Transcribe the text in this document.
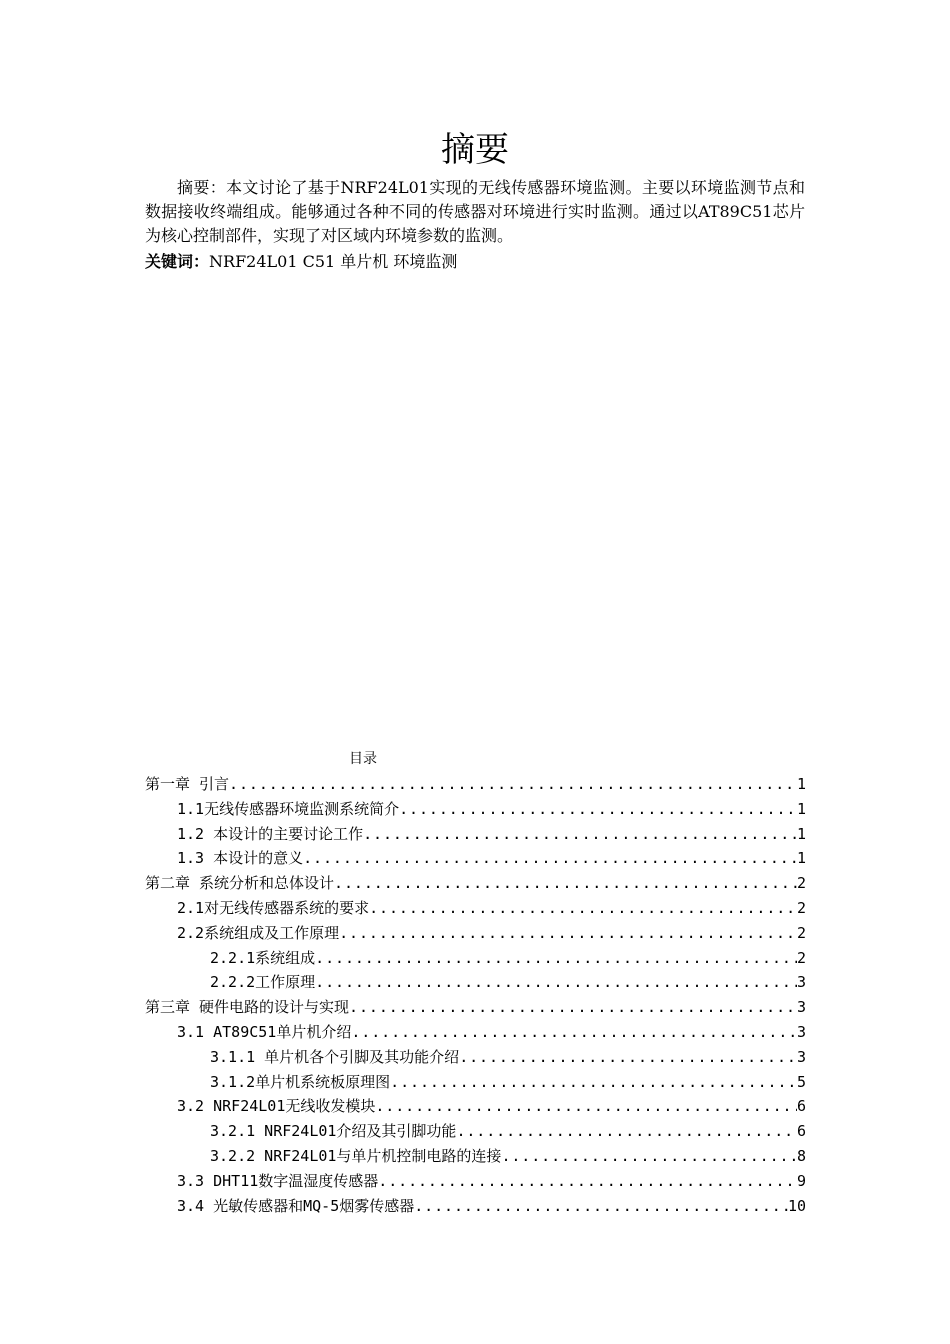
摘要

摘要：本文讨论了基于NRF24L01实现的无线传感器环境监测。主要以环境监测节点和数据接收终端组成。能够通过各种不同的传感器对环境进行实时监测。通过以AT89C51芯片为核心控制部件，实现了对区域内环境参数的监测。

关键词：NRF24L01 C51 单片机 环境监测

目录
第一章 引言 .....	1
1.1无线传感器环境监测系统简介 .....	1
1.2 本设计的主要讨论工作 .....	1
1.3 本设计的意义 .....	1
第二章 系统分析和总体设计 .....	2
2.1对无线传感器系统的要求 .....	2
2.2系统组成及工作原理 .....	2
2.2.1系统组成 .....	2
2.2.2工作原理 .....	3
第三章 硬件电路的设计与实现 .....	3
3.1 AT89C51单片机介绍 .....	3
3.1.1 单片机各个引脚及其功能介绍 .....	3
3.1.2单片机系统板原理图 .....	5
3.2 NRF24L01无线收发模块 .....	6
3.2.1 NRF24L01介绍及其引脚功能 .....	6
3.2.2 NRF24L01与单片机控制电路的连接 .....	8
3.3 DHT11数字温湿度传感器 .....	9
3.4 光敏传感器和MQ-5烟雾传感器 .....	10
